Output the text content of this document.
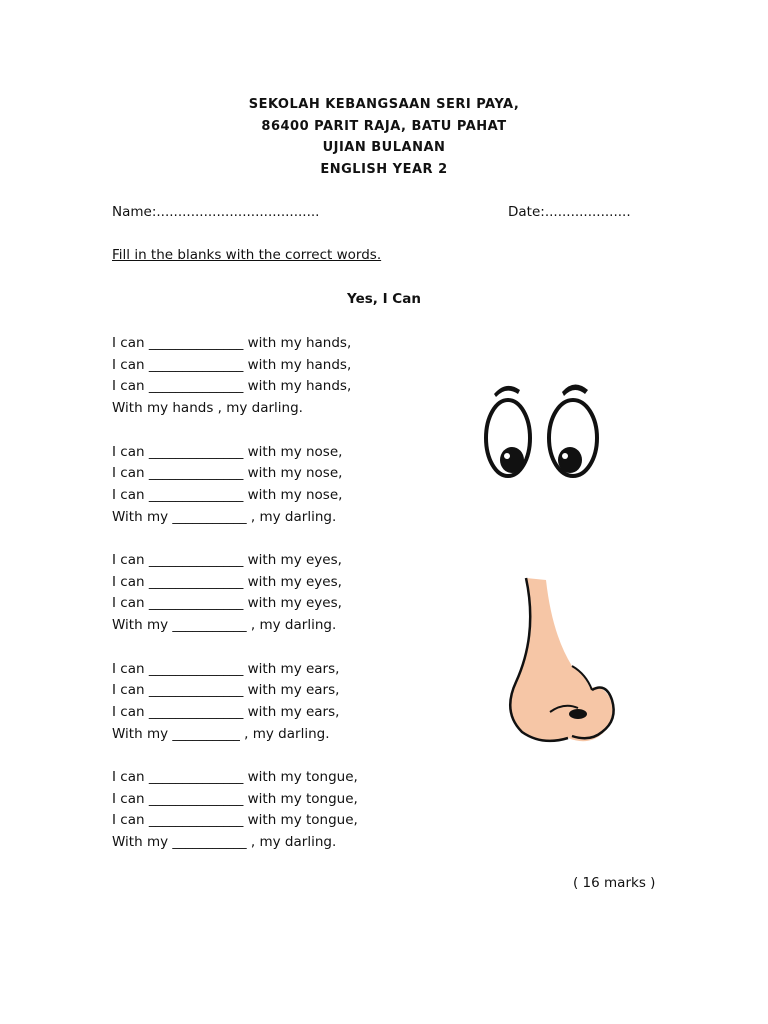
SEKOLAH KEBANGSAAN SERI PAYA,
86400 PARIT RAJA, BATU PAHAT
UJIAN BULANAN
ENGLISH YEAR 2
Name:......................................	Date:....................
Fill in the blanks with the correct words.
Yes, I Can
I can ______________ with my hands,
I can ______________ with my hands,
I can ______________ with my hands,
With my hands , my darling.
I can ______________ with my nose,
I can ______________ with my nose,
I can ______________ with my nose,
With my ___________ , my darling.
I can ______________ with my eyes,
I can ______________ with my eyes,
I can ______________ with my eyes,
With my ___________ , my darling.
I can ______________ with my ears,
I can ______________ with my ears,
I can ______________ with my ears,
With my __________ , my darling.
I can ______________ with my tongue,
I can ______________ with my tongue,
I can ______________ with my tongue,
With my ___________ , my darling.
( 16 marks )
